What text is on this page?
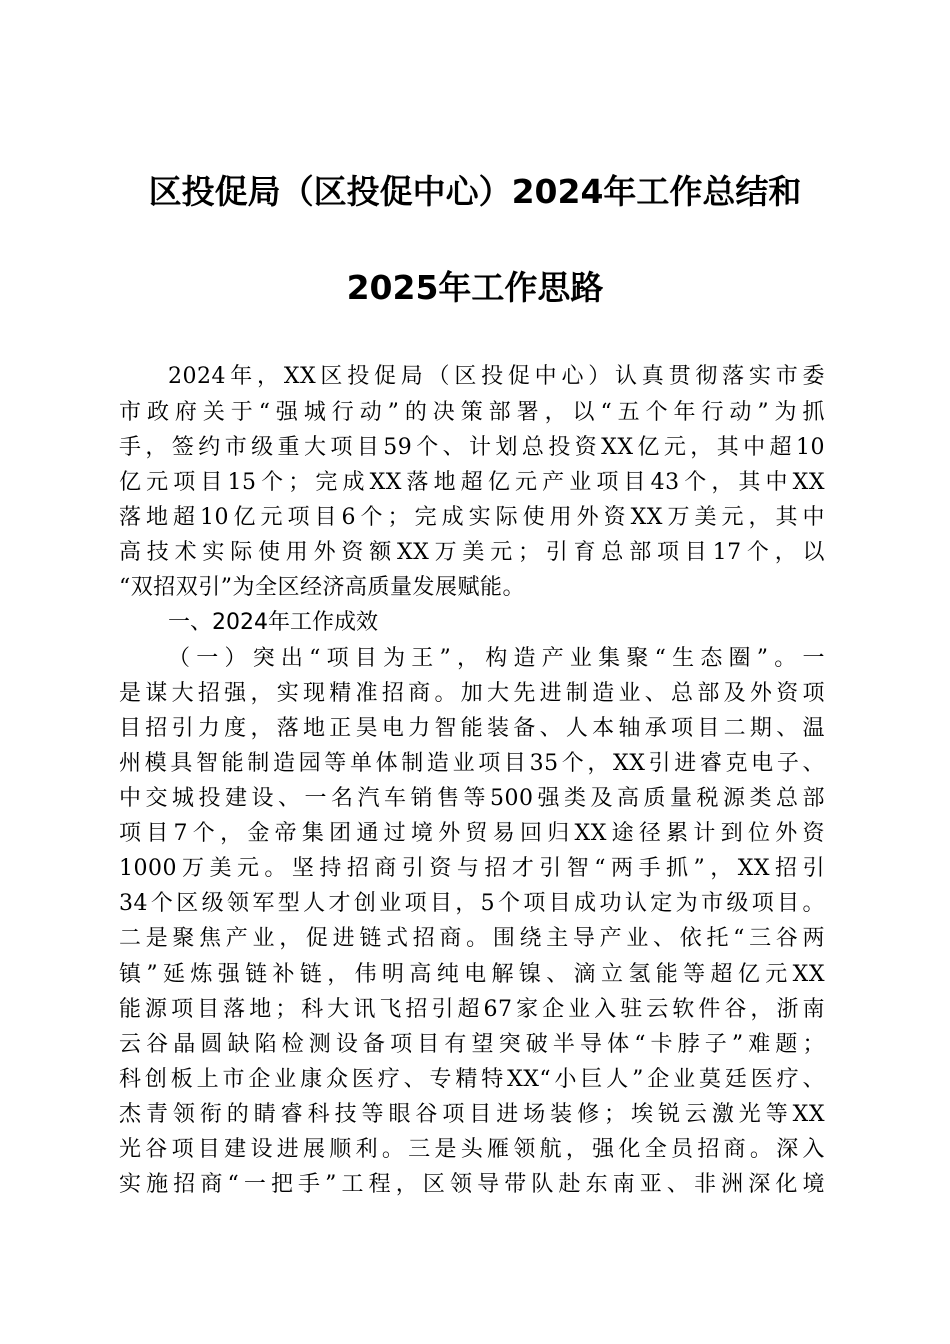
区投促局（区投促中心）2024年工作总结和
2025年工作思路
2024年，XX区投促局（区投促中心）认真贯彻落实市委
市政府关于“强城行动”的决策部署，以“五个年行动”为抓
手，签约市级重大项目59个、计划总投资XX亿元，其中超10
亿元项目15个；完成XX落地超亿元产业项目43个，其中XX
落地超10亿元项目6个；完成实际使用外资XX万美元，其中
高技术实际使用外资额XX万美元；引育总部项目17个，以
“双招双引”为全区经济高质量发展赋能。
一、2024年工作成效
（一）突出“项目为王”，构造产业集聚“生态圈”。一
是谋大招强，实现精准招商。加大先进制造业、总部及外资项
目招引力度，落地正昊电力智能装备、人本轴承项目二期、温
州模具智能制造园等单体制造业项目35个，XX引进睿克电子、
中交城投建设、一名汽车销售等500强类及高质量税源类总部
项目7个，金帝集团通过境外贸易回归XX途径累计到位外资
1000万美元。坚持招商引资与招才引智“两手抓”，XX招引
34个区级领军型人才创业项目，5个项目成功认定为市级项目。
二是聚焦产业，促进链式招商。围绕主导产业、依托“三谷两
镇”延炼强链补链，伟明高纯电解镍、滴立氢能等超亿元XX
能源项目落地；科大讯飞招引超67家企业入驻云软件谷，浙南
云谷晶圆缺陷检测设备项目有望突破半导体“卡脖子”难题；
科创板上市企业康众医疗、专精特XX“小巨人”企业莫廷医疗、
杰青领衔的睛睿科技等眼谷项目进场装修；埃锐云激光等XX
光谷项目建设进展顺利。三是头雁领航，强化全员招商。深入
实施招商“一把手”工程，区领导带队赴东南亚、非洲深化境
